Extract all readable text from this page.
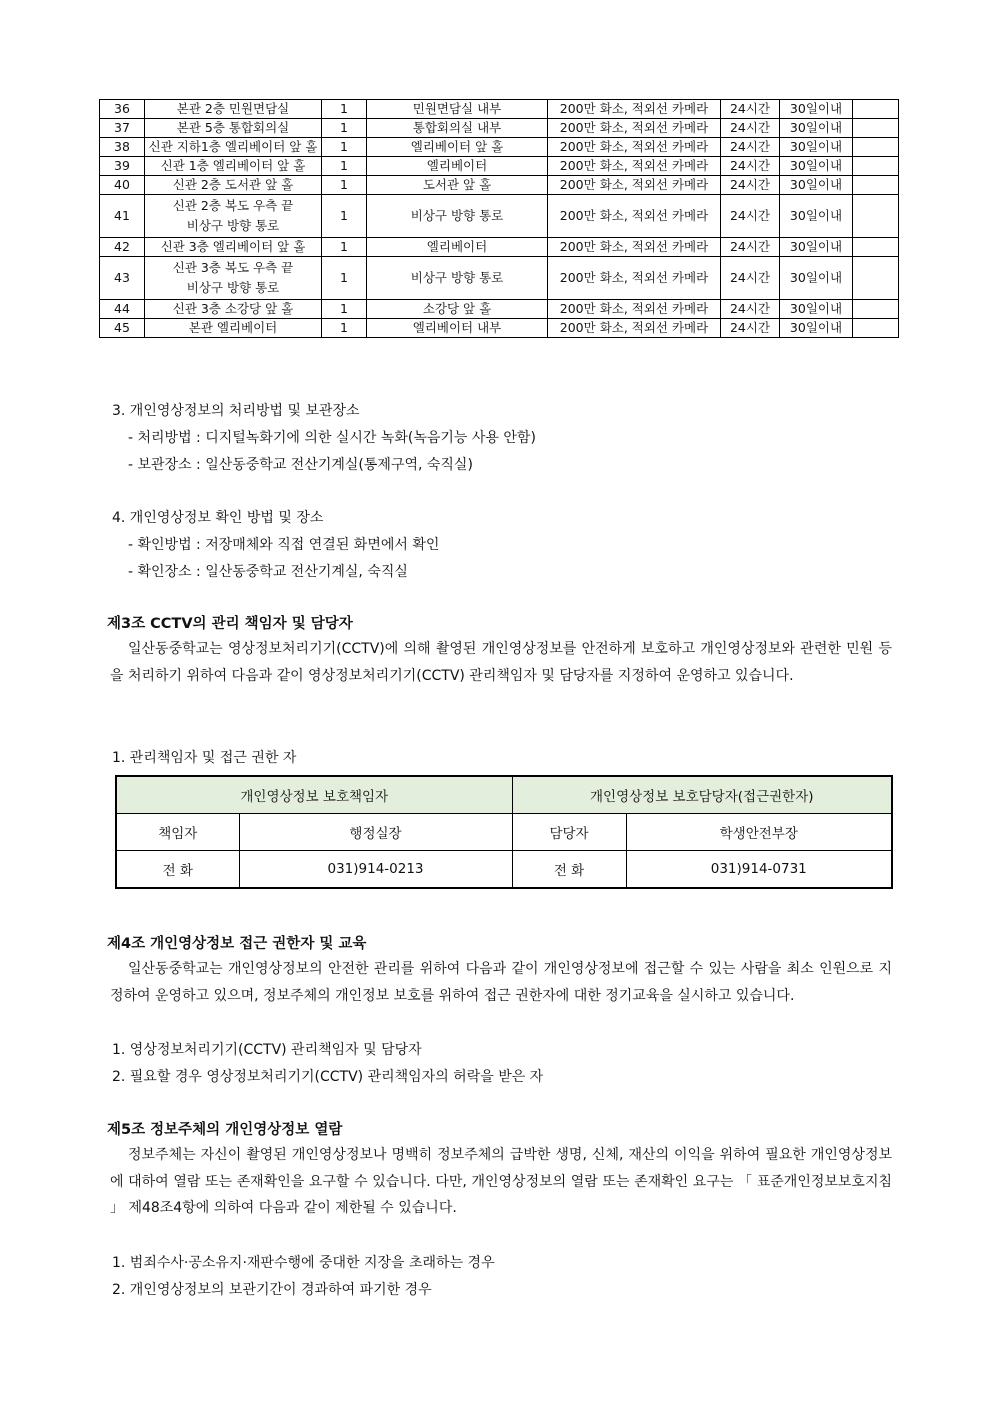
36	본관 2층 민원면담실	1	민원면담실 내부	200만 화소, 적외선 카메라	24시간	30일이내	
37	본관 5층 통합회의실	1	통합회의실 내부	200만 화소, 적외선 카메라	24시간	30일이내	
38	신관 지하1층 엘리베이터 앞 홀	1	엘리베이터 앞 홀	200만 화소, 적외선 카메라	24시간	30일이내	
39	신관 1층 엘리베이터 앞 홀	1	엘리베이터	200만 화소, 적외선 카메라	24시간	30일이내	
40	신관 2층 도서관 앞 홀	1	도서관 앞 홀	200만 화소, 적외선 카메라	24시간	30일이내	
41	신관 2층 복도 우측 끝
비상구 방향 통로	1	비상구 방향 통로	200만 화소, 적외선 카메라	24시간	30일이내	
42	신관 3층 엘리베이터 앞 홀	1	엘리베이터	200만 화소, 적외선 카메라	24시간	30일이내	
43	신관 3층 복도 우측 끝
비상구 방향 통로	1	비상구 방향 통로	200만 화소, 적외선 카메라	24시간	30일이내	
44	신관 3층 소강당 앞 홀	1	소강당 앞 홀	200만 화소, 적외선 카메라	24시간	30일이내	
45	본관 엘리베이터	1	엘리베이터 내부	200만 화소, 적외선 카메라	24시간	30일이내	
3. 개인영상정보의 처리방법 및 보관장소
- 처리방법 : 디지털녹화기에 의한 실시간 녹화(녹음기능 사용 안함)
- 보관장소 : 일산동중학교 전산기계실(통제구역, 숙직실)
4. 개인영상정보 확인 방법 및 장소
- 확인방법 : 저장매체와 직접 연결된 화면에서 확인
- 확인장소 : 일산동중학교 전산기계실, 숙직실
제3조 CCTV의 관리 책임자 및 담당자
일산동중학교는 영상정보처리기기(CCTV)에 의해 촬영된 개인영상정보를 안전하게 보호하고 개인영상정보와 관련한 민원 등을 처리하기 위하여 다음과 같이 영상정보처리기기(CCTV) 관리책임자 및 담당자를 지정하여 운영하고 있습니다.
1. 관리책임자 및 접근 권한 자
개인영상정보 보호책임자		개인영상정보 보호담당자(접근권한자)	
책임자	행정실장	담당자	학생안전부장
전 화	031)914-0213	전 화	031)914-0731
제4조 개인영상정보 접근 권한자 및 교육
일산동중학교는 개인영상정보의 안전한 관리를 위하여 다음과 같이 개인영상정보에 접근할 수 있는 사람을 최소 인원으로 지정하여 운영하고 있으며, 정보주체의 개인정보 보호를 위하여 접근 권한자에 대한 정기교육을 실시하고 있습니다.
1. 영상정보처리기기(CCTV) 관리책임자 및 담당자
2. 필요할 경우 영상정보처리기기(CCTV) 관리책임자의 허락을 받은 자
제5조 정보주체의 개인영상정보 열람
정보주체는 자신이 촬영된 개인영상정보나 명백히 정보주체의 급박한 생명, 신체, 재산의 이익을 위하여 필요한 개인영상정보에 대하여 열람 또는 존재확인을 요구할 수 있습니다. 다만, 개인영상정보의 열람 또는 존재확인 요구는 「 표준개인정보보호지침 」 제48조4항에 의하여 다음과 같이 제한될 수 있습니다.
1. 범죄수사·공소유지·재판수행에 중대한 지장을 초래하는 경우
2. 개인영상정보의 보관기간이 경과하여 파기한 경우
